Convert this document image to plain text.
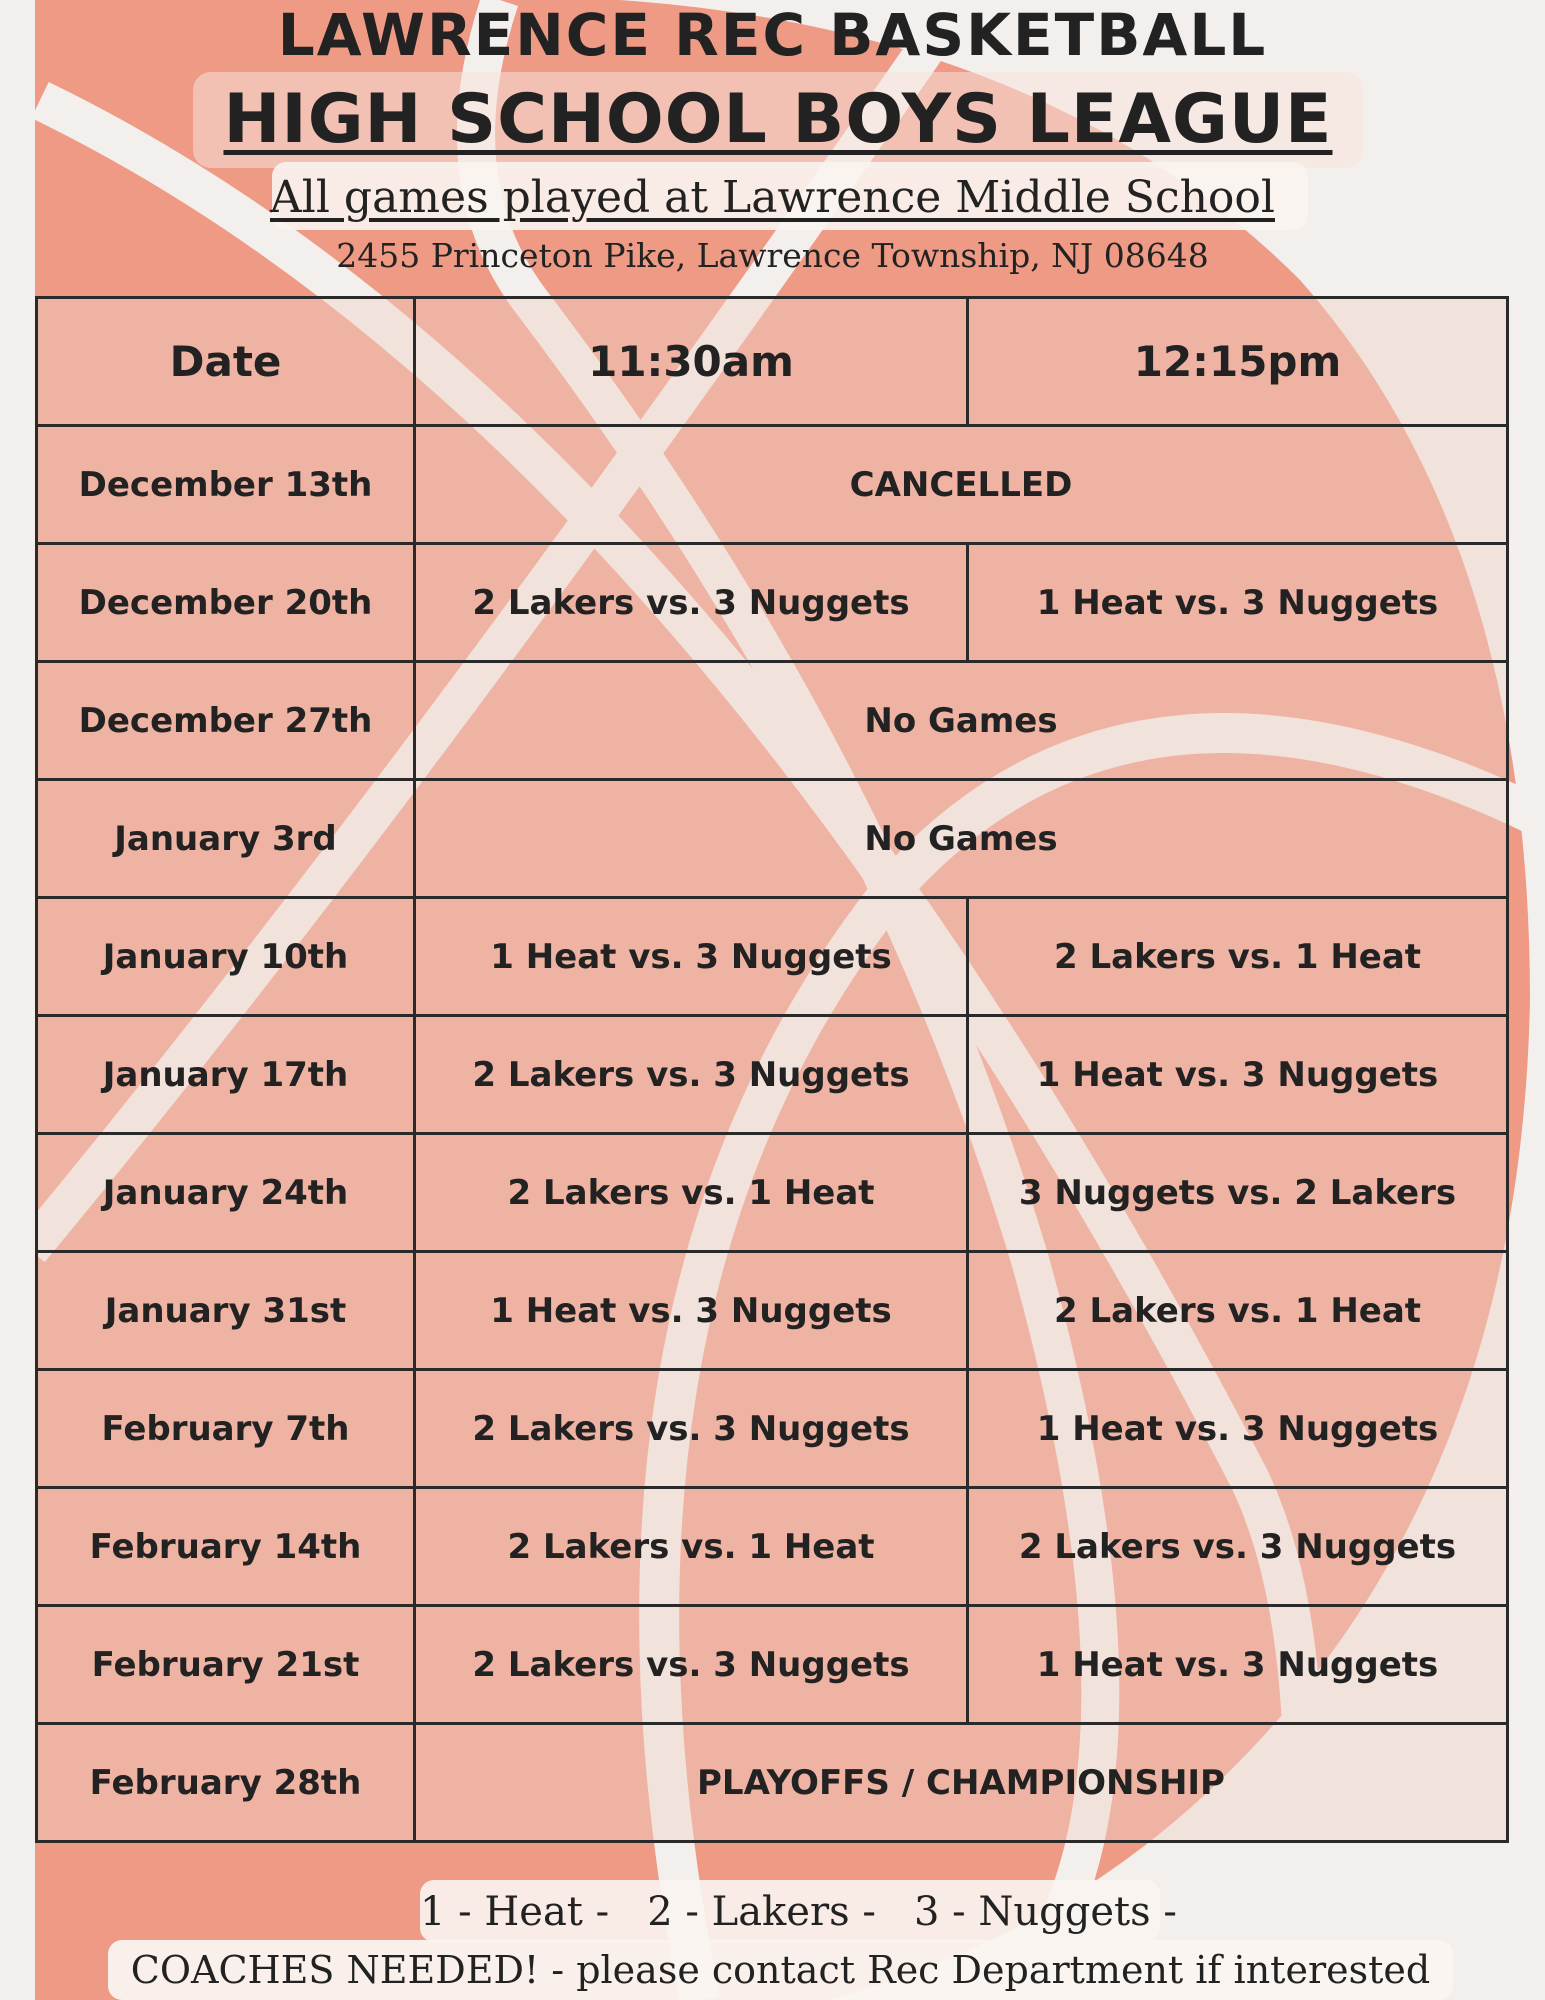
LAWRENCE REC BASKETBALL
HIGH SCHOOL BOYS LEAGUE
All games played at Lawrence Middle School
2455 Princeton Pike, Lawrence Township, NJ 08648
Date	11:30am	12:15pm
December 13th	CANCELLED	
December 20th	2 Lakers vs. 3 Nuggets	1 Heat vs. 3 Nuggets
December 27th	No Games	
January 3rd	No Games	
January 10th	1 Heat vs. 3 Nuggets	2 Lakers vs. 1 Heat
January 17th	2 Lakers vs. 3 Nuggets	1 Heat vs. 3 Nuggets
January 24th	2 Lakers vs. 1 Heat	3 Nuggets vs. 2 Lakers
January 31st	1 Heat vs. 3 Nuggets	2 Lakers vs. 1 Heat
February 7th	2 Lakers vs. 3 Nuggets	1 Heat vs. 3 Nuggets
February 14th	2 Lakers vs. 1 Heat	2 Lakers vs. 3 Nuggets
February 21st	2 Lakers vs. 3 Nuggets	1 Heat vs. 3 Nuggets
February 28th	PLAYOFFS / CHAMPIONSHIP	
1 - Heat -   2 - Lakers -   3 - Nuggets -
COACHES NEEDED! - please contact Rec Department if interested
